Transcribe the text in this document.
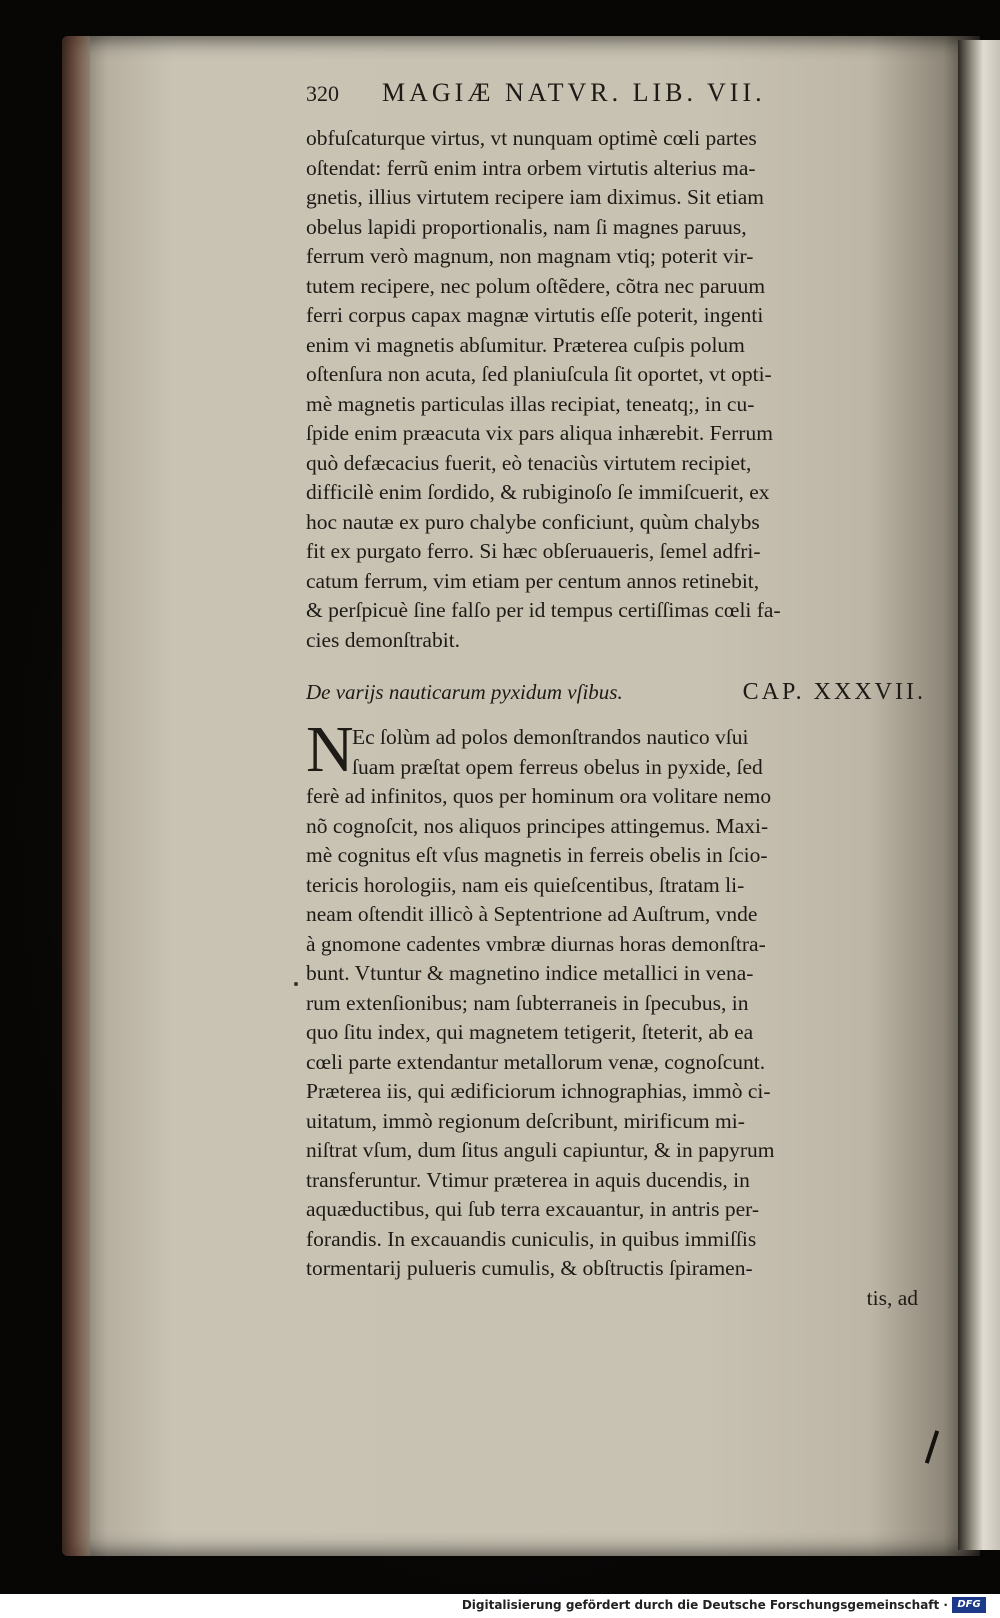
320	MAGIÆ NATVR. LIB. VII.
obfuſcaturque virtus, vt nunquam optimè cœli partes
oſtendat: ferrũ enim intra orbem virtutis alterius ma-
gnetis, illius virtutem recipere iam diximus. Sit etiam
obelus lapidi proportionalis, nam ſi magnes paruus,
ferrum verò magnum, non magnam vtiq; poterit vir-
tutem recipere, nec polum oſtẽdere, cõtra nec paruum
ferri corpus capax magnæ virtutis eſſe poterit, ingenti
enim vi magnetis abſumitur. Præterea cuſpis polum
oſtenſura non acuta, ſed planiuſcula ſit oportet, vt opti-
mè magnetis particulas illas recipiat, teneatq;, in cu-
ſpide enim præacuta vix pars aliqua inhærebit. Ferrum
quò defæcacius fuerit, eò tenaciùs virtutem recipiet,
difficilè enim ſordido, & rubiginoſo ſe immiſcuerit, ex
hoc nautæ ex puro chalybe conficiunt, quùm chalybs
fit ex purgato ferro. Si hæc obſeruaueris, ſemel adfri-
catum ferrum, vim etiam per centum annos retinebit,
& perſpicuè ſine falſo per id tempus certiſſimas cœli fa-
cies demonſtrabit.
De varijs nauticarum pyxidum vſibus.	CAP. XXXVII.
N
Ec ſolùm ad polos demonſtrandos nautico vſui
ſuam præſtat opem ferreus obelus in pyxide, ſed
ferè ad infinitos, quos per hominum ora volitare nemo
nõ cognoſcit, nos aliquos principes attingemus. Maxi-
mè cognitus eſt vſus magnetis in ferreis obelis in ſcio-
tericis horologiis, nam eis quieſcentibus, ſtratam li-
neam oſtendit illicò à Septentrione ad Auſtrum, vnde
à gnomone cadentes vmbræ diurnas horas demonſtra-
bunt. Vtuntur & magnetino indice metallici in vena-
rum extenſionibus; nam ſubterraneis in ſpecubus, in
quo ſitu index, qui magnetem tetigerit, ſteterit, ab ea
cœli parte extendantur metallorum venæ, cognoſcunt.
Præterea iis, qui ædificiorum ichnographias, immò ci-
uitatum, immò regionum deſcribunt, mirificum mi-
niſtrat vſum, dum ſitus anguli capiuntur, & in papyrum
transferuntur. Vtimur præterea in aquis ducendis, in
aquæductibus, qui ſub terra excauantur, in antris per-
forandis. In excauandis cuniculis, in quibus immiſſis
tormentarij pulueris cumulis, & obſtructis ſpiramen-
tis, ad
Digitalisierung gefördert durch die Deutsche Forschungsgemeinschaft · DFG
